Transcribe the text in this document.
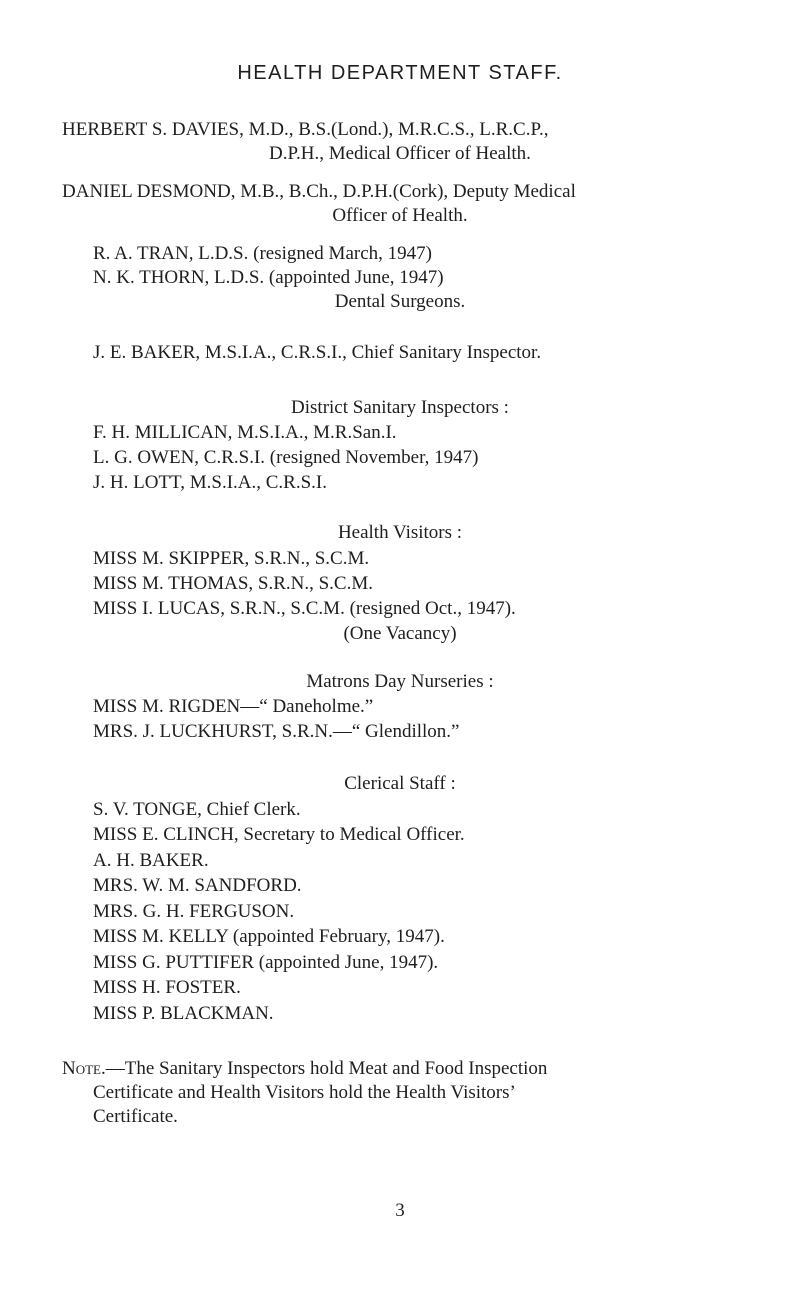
HEALTH DEPARTMENT STAFF.
HERBERT S. DAVIES, M.D., B.S.(Lond.), M.R.C.S., L.R.C.P.,
D.P.H., Medical Officer of Health.
DANIEL DESMOND, M.B., B.Ch., D.P.H.(Cork), Deputy Medical
Officer of Health.
R. A. TRAN, L.D.S. (resigned March, 1947)
N. K. THORN, L.D.S. (appointed June, 1947)
Dental Surgeons.
J. E. BAKER, M.S.I.A., C.R.S.I., Chief Sanitary Inspector.
District Sanitary Inspectors :
F. H. MILLICAN, M.S.I.A., M.R.San.I.
L. G. OWEN, C.R.S.I. (resigned November, 1947)
J. H. LOTT, M.S.I.A., C.R.S.I.
Health Visitors :
MISS M. SKIPPER, S.R.N., S.C.M.
MISS M. THOMAS, S.R.N., S.C.M.
MISS I. LUCAS, S.R.N., S.C.M. (resigned Oct., 1947).
(One Vacancy)
Matrons Day Nurseries :
MISS M. RIGDEN—“ Daneholme.”
MRS. J. LUCKHURST, S.R.N.—“ Glendillon.”
Clerical Staff :
S. V. TONGE, Chief Clerk.
MISS E. CLINCH, Secretary to Medical Officer.
A. H. BAKER.
MRS. W. M. SANDFORD.
MRS. G. H. FERGUSON.
MISS M. KELLY (appointed February, 1947).
MISS G. PUTTIFER (appointed June, 1947).
MISS H. FOSTER.
MISS P. BLACKMAN.
Note.—The Sanitary Inspectors hold Meat and Food Inspection
Certificate and Health Visitors hold the Health Visitors’
Certificate.
3
